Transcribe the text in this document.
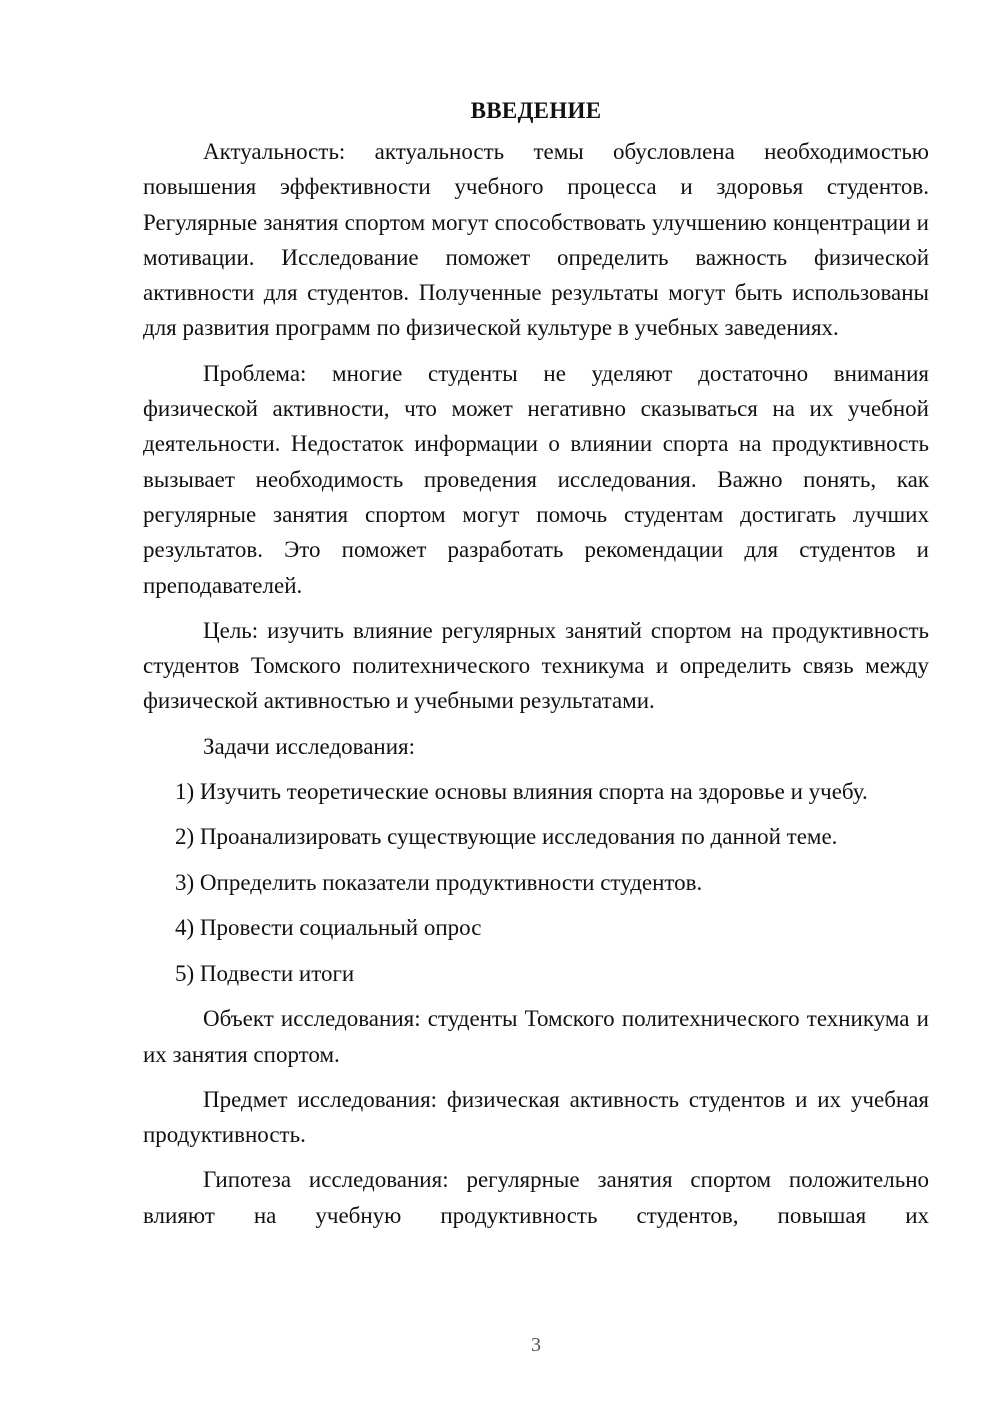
ВВЕДЕНИЕ

Актуальность: актуальность темы обусловлена необходимостью повышения эффективности учебного процесса и здоровья студентов. Регулярные занятия спортом могут способствовать улучшению концентрации и мотивации. Исследование поможет определить важность физической активности для студентов. Полученные результаты могут быть использованы для развития программ по физической культуре в учебных заведениях.

Проблема: многие студенты не уделяют достаточно внимания физической активности, что может негативно сказываться на их учебной деятельности. Недостаток информации о влиянии спорта на продуктивность вызывает необходимость проведения исследования. Важно понять, как регулярные занятия спортом могут помочь студентам достигать лучших результатов. Это поможет разработать рекомендации для студентов и преподавателей.

Цель: изучить влияние регулярных занятий спортом на продуктивность студентов Томского политехнического техникума и определить связь между физической активностью и учебными результатами.

Задачи исследования:

1) Изучить теоретические основы влияния спорта на здоровье и учебу.
2) Проанализировать существующие исследования по данной теме.
3) Определить показатели продуктивности студентов.
4) Провести социальный опрос
5) Подвести итоги

Объект исследования: студенты Томского политехнического техникума и их занятия спортом.

Предмет исследования: физическая активность студентов и их учебная продуктивность.

Гипотеза исследования: регулярные занятия спортом положительно влияют на учебную продуктивность студентов, повышая их

3
